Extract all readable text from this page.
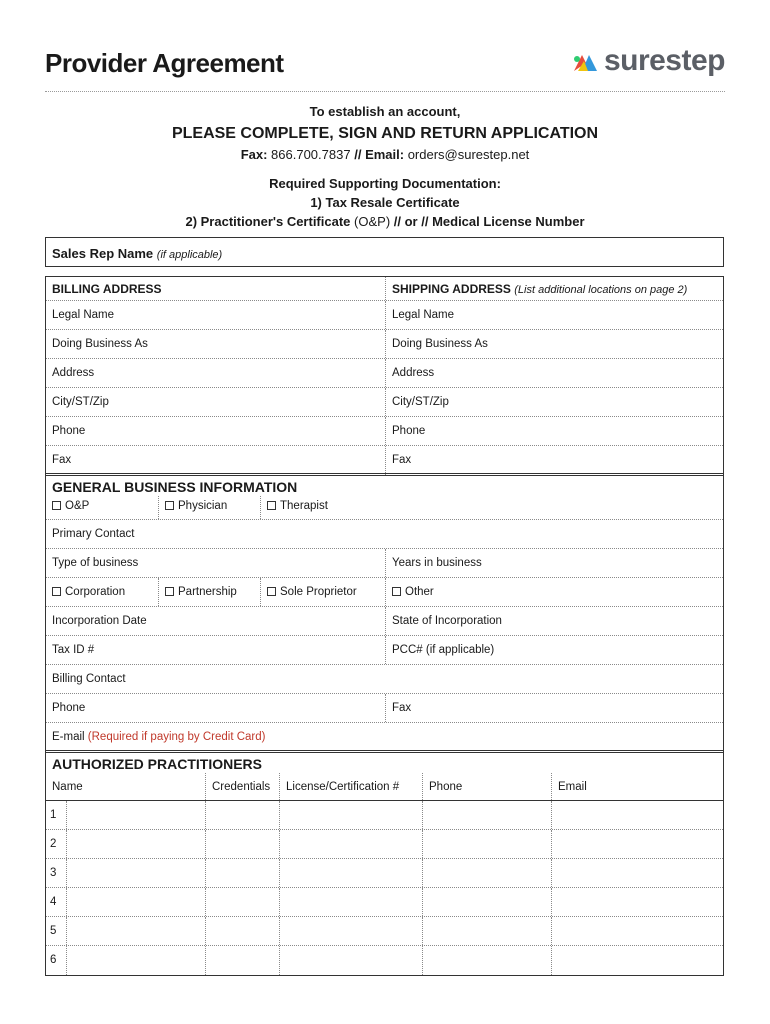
Provider Agreement	surestep
To establish an account,
PLEASE COMPLETE, SIGN AND RETURN APPLICATION
Fax: 866.700.7837 // Email: orders@surestep.net
Required Supporting Documentation:
1) Tax Resale Certificate
2) Practitioner's Certificate (O&P) // or // Medical License Number
Sales Rep Name (if applicable)
BILLING ADDRESS	SHIPPING ADDRESS (List additional locations on page 2)
Legal Name	Legal Name
Doing Business As	Doing Business As
Address	Address
City/ST/Zip	City/ST/Zip
Phone	Phone
Fax	Fax
GENERAL BUSINESS INFORMATION
O&P	Physician	Therapist
Primary Contact
Type of business	Years in business
Corporation	Partnership	Sole Proprietor	Other
Incorporation Date	State of Incorporation
Tax ID #	PCC# (if applicable)
Billing Contact
Phone	Fax
E-mail (Required if paying by Credit Card)
AUTHORIZED PRACTITIONERS
Name	Credentials	License/Certification #	Phone	Email
1
2
3
4
5
6
